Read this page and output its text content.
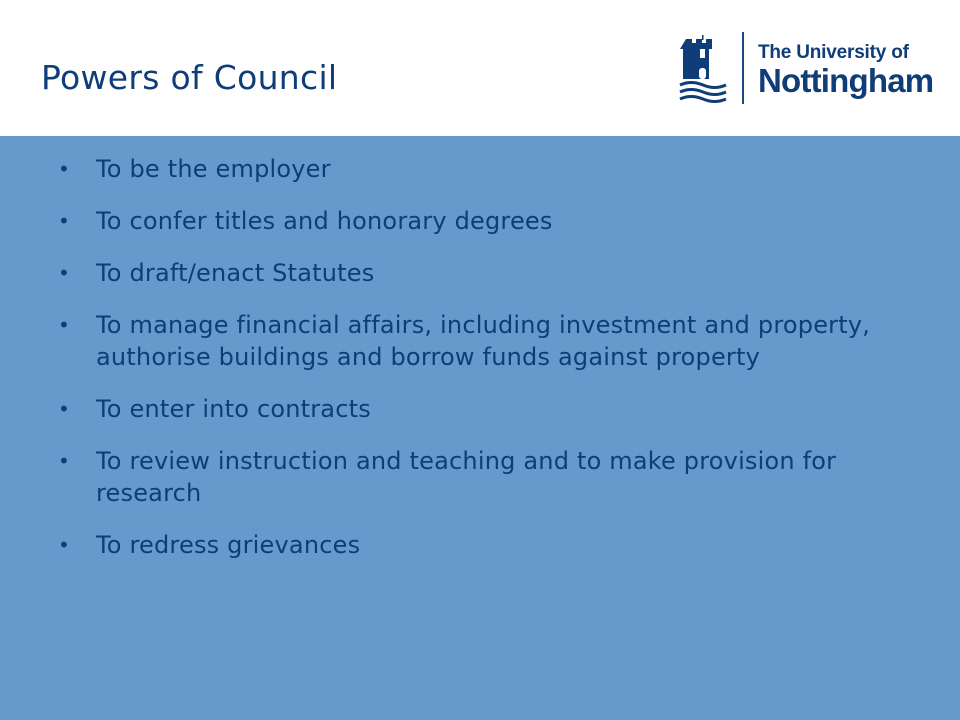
Powers of Council
The University of
Nottingham
• To be the employer
• To confer titles and honorary degrees
• To draft/enact Statutes
• To manage financial affairs, including investment and property, authorise buildings and borrow funds against property
• To enter into contracts
• To review instruction and teaching and to make provision for research
• To redress grievances
